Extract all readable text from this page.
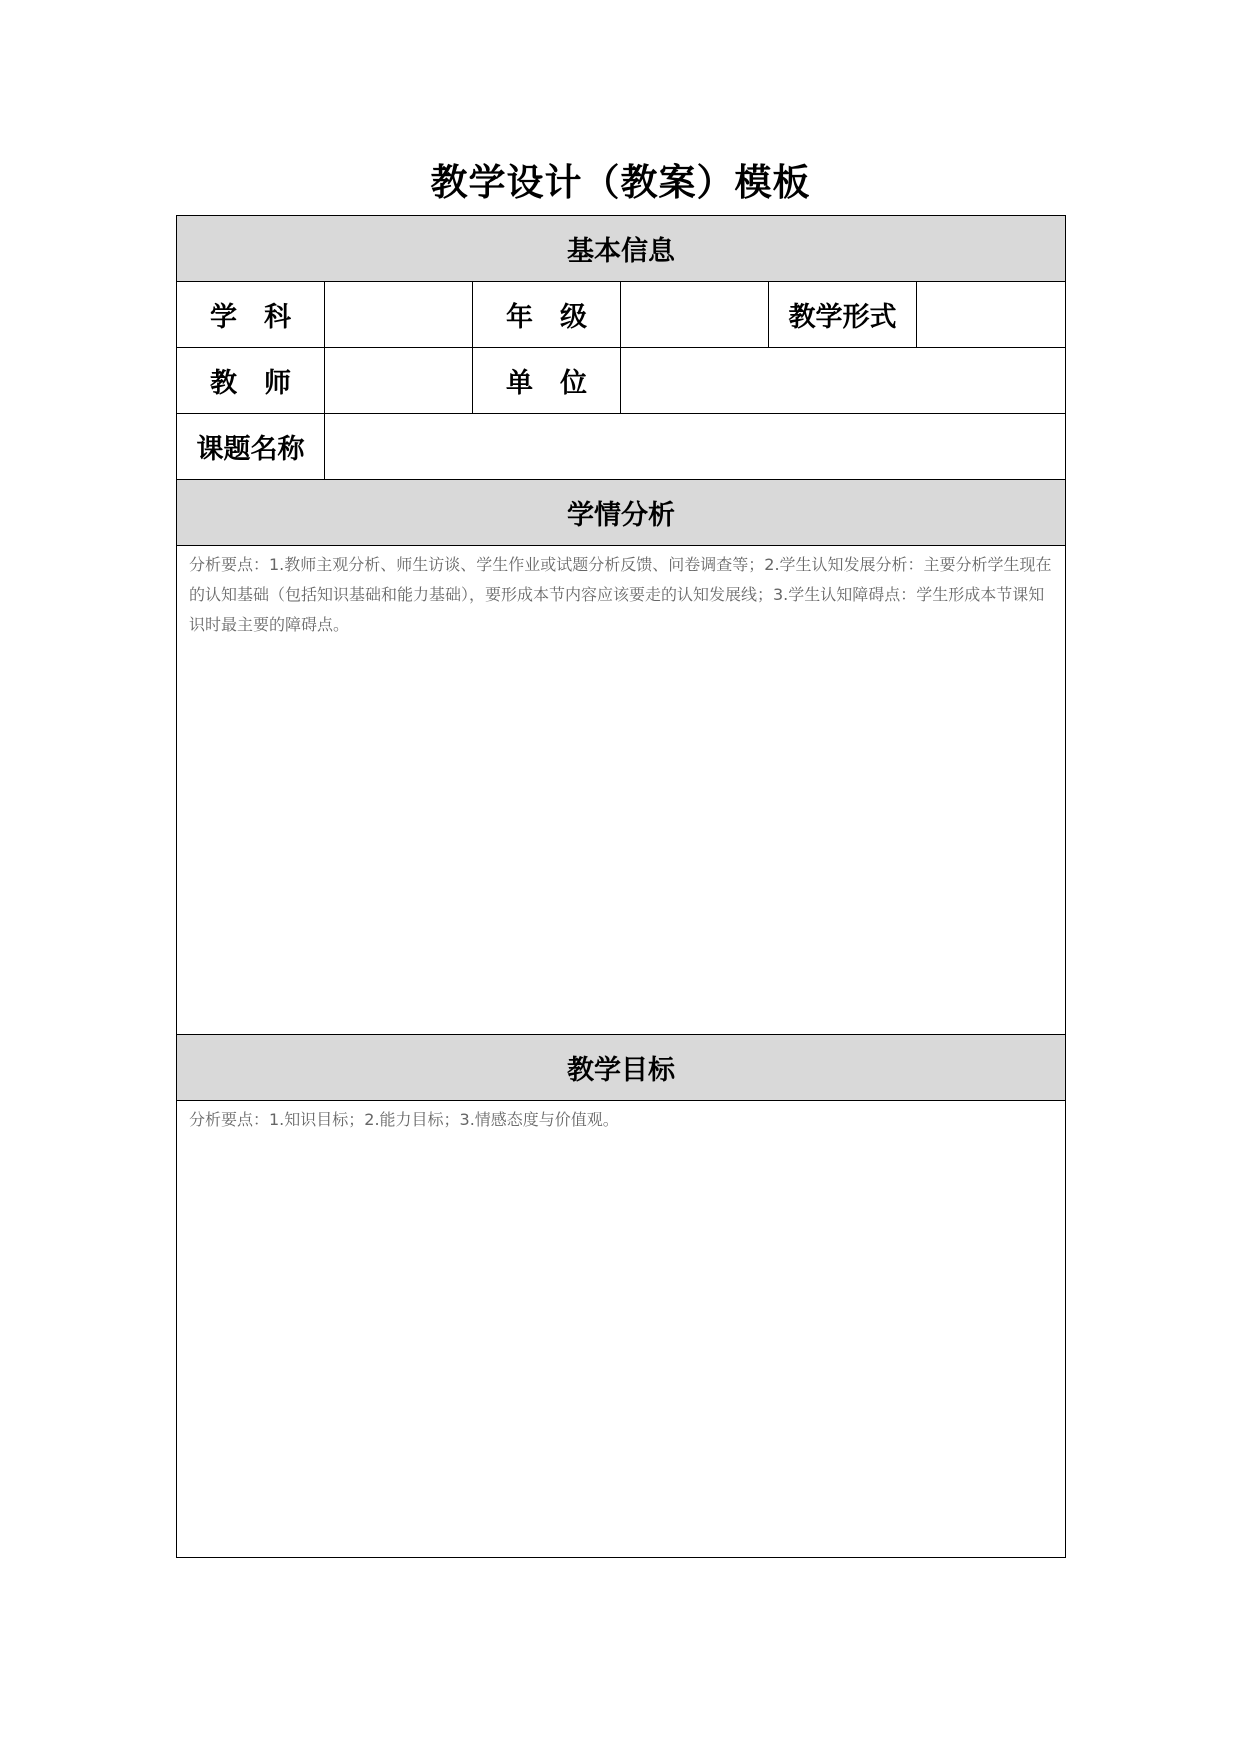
教学设计（教案）模板
基本信息					
学　科		年　级		教学形式	
教　师		单　位			
课题名称					
学情分析					

分析要点：1.教师主观分析、师生访谈、学生作业或试题分析反馈、问卷调查等；2.学生认知发展分析：主要分析学生现在的认知基础（包括知识基础和能力基础），要形成本节内容应该要走的认知发展线；3.学生认知障碍点：学生形成本节课知识时最主要的障碍点。					

教学目标					

分析要点：1.知识目标；2.能力目标；3.情感态度与价值观。					
